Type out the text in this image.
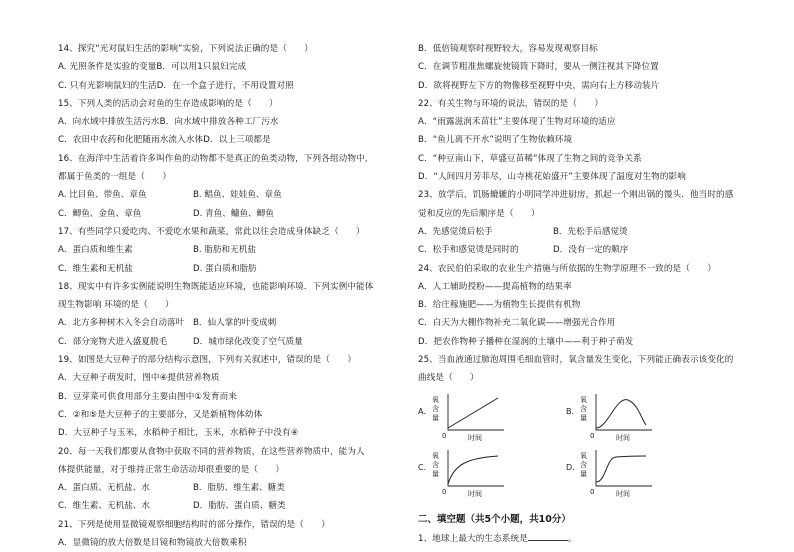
14、探究“光对鼠妇生活的影响”实验，下列说法正确的是（　　）
A. 光照条件是实验的变量B．可以用1只鼠妇完成
C. 只有光影响鼠妇的生活D．在一个盒子进行，不用设置对照
15、下列人类的活动会对鱼的生存造成影响的是（　　）
A．向水域中排放生活污水B．向水域中排放各种工厂污水
C．农田中农药和化肥随雨水流入水体D．以上三项都是
16、在海洋中生活着许多叫作鱼的动物都不是真正的鱼类动物，下列各组动物中，
都属于鱼类的一组是（　　）
A. 比目鱼、带鱼、章鱼	B. 鲳鱼、娃娃鱼、章鱼
C．鲫鱼、金鱼、章鱼	D. 青鱼、鳙鱼、鲫鱼
17、有些同学只爱吃肉、不爱吃水果和蔬菜，常此以往会造成身体缺乏（　　）
A．蛋白质和维生素	B. 脂肪和无机盐
C．维生素和无机盐	D. 蛋白质和脂肪
18、现实中有许多实例能说明生物既能适应环境，也能影响环境．下列实例中能体
现生物影响 环境的是（　　）
A．北方多种树木入冬会自动落叶	B．仙人掌的叶变成刺
C．部分宠物犬进入盛夏脱毛	D．城市绿化改变了空气质量
19、如图是大豆种子的部分结构示意图，下列有关叙述中，错误的是（　　）
A．大豆种子萌发时，图中④提供营养物质
B．豆芽菜可供食用部分主要由图中①发育而来
C．②和⑤是大豆种子的主要部分，又是新植物体幼体
D．大豆种子与玉米，水稻种子相比，玉米，水稻种子中没有④
20、每一天我们都要从食物中获取不同的营养物质，在这些营养物质中，能为人
体提供能量，对于维持正常生命活动却很重要的是（　　）
A．蛋白质、无机盐、水	B．脂肪、维生素、糖类
C．维生素、无机盐、水	D．脂肪、蛋白质、糖类
21、下列是使用显微镜观察细胞结构时的部分操作，错误的是（　　）
A．显微镜的放大倍数是目镜和物镜放大倍数乘积
B．低倍镜观察时视野较大，容易发现观察目标
C．在调节粗准焦螺旋使镜筒下降时，要从一侧注视其下降位置
D．欲将视野左下方的物像移至视野中央，需向右上方移动装片
22、有关生物与环境的说法，错误的是（　　）
A．“雨露滋润禾苗壮”主要体现了生物对环境的适应
B．“鱼儿离不开水”说明了生物依赖环境
C．“种豆南山下，草盛豆苗稀”体现了生物之间的竞争关系
D．“人间四月芳菲尽，山寺桃花始盛开”主要体现了温度对生物的影响
23、放学后，饥肠辘辘的小明同学冲进厨房，抓起一个刚出锅的馒头．他当时的感
觉和反应的先后顺序是（　　）
A．先感觉烫后松手	B．先松手后感觉烫
C．松手和感觉烫是同时的	D．没有一定的顺序
24、农民伯伯采取的农业生产措施与所依据的生物学原理不一致的是（　　）
A．人工辅助授粉——提高植物的结果率
B．给庄稼施肥——为植物生长提供有机物
C．白天为大棚作物补充二氧化碳——增强光合作用
D．把农作物种子播种在湿润的土壤中——利于种子萌发
25、当血液通过肺泡周围毛细血管时，氧含量发生变化，下列能正确表示该变化的
曲线是（　　）
A．
氧
含
量
0	时间
B．
氧
含
量
0	时间
C．
氧
含
量
0	时间
D．
氧
含
量
0	时间
二、填空题（共5个小题，共10分）
1、地球上最大的生态系统是	。
